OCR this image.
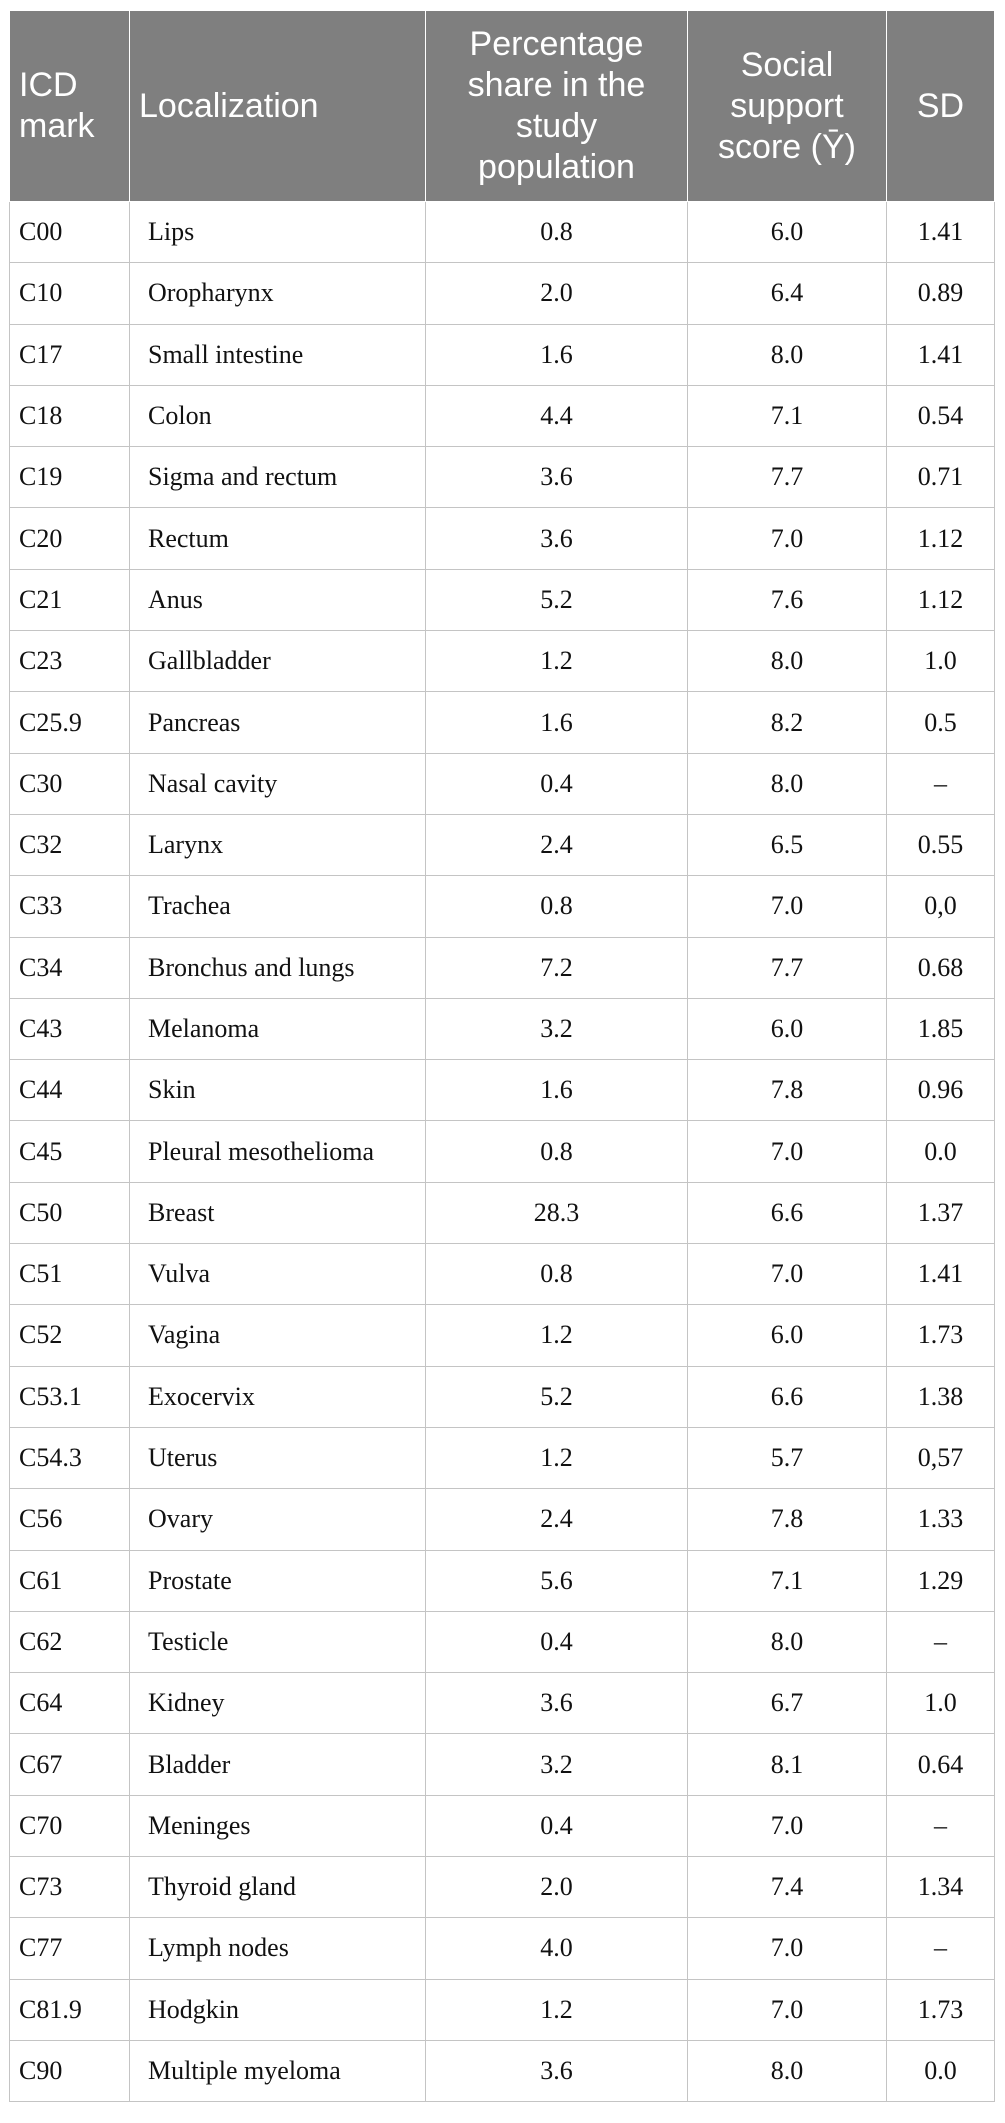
ICD mark	Localization	Percentage share in the study population	Social support score (Ȳ)	SD
C00	Lips	0.8	6.0	1.41
C10	Oropharynx	2.0	6.4	0.89
C17	Small intestine	1.6	8.0	1.41
C18	Colon	4.4	7.1	0.54
C19	Sigma and rectum	3.6	7.7	0.71
C20	Rectum	3.6	7.0	1.12
C21	Anus	5.2	7.6	1.12
C23	Gallbladder	1.2	8.0	1.0
C25.9	Pancreas	1.6	8.2	0.5
C30	Nasal cavity	0.4	8.0	–
C32	Larynx	2.4	6.5	0.55
C33	Trachea	0.8	7.0	0,0
C34	Bronchus and lungs	7.2	7.7	0.68
C43	Melanoma	3.2	6.0	1.85
C44	Skin	1.6	7.8	0.96
C45	Pleural mesothelioma	0.8	7.0	0.0
C50	Breast	28.3	6.6	1.37
C51	Vulva	0.8	7.0	1.41
C52	Vagina	1.2	6.0	1.73
C53.1	Exocervix	5.2	6.6	1.38
C54.3	Uterus	1.2	5.7	0,57
C56	Ovary	2.4	7.8	1.33
C61	Prostate	5.6	7.1	1.29
C62	Testicle	0.4	8.0	–
C64	Kidney	3.6	6.7	1.0
C67	Bladder	3.2	8.1	0.64
C70	Meninges	0.4	7.0	–
C73	Thyroid gland	2.0	7.4	1.34
C77	Lymph nodes	4.0	7.0	–
C81.9	Hodgkin	1.2	7.0	1.73
C90	Multiple myeloma	3.6	8.0	0.0
